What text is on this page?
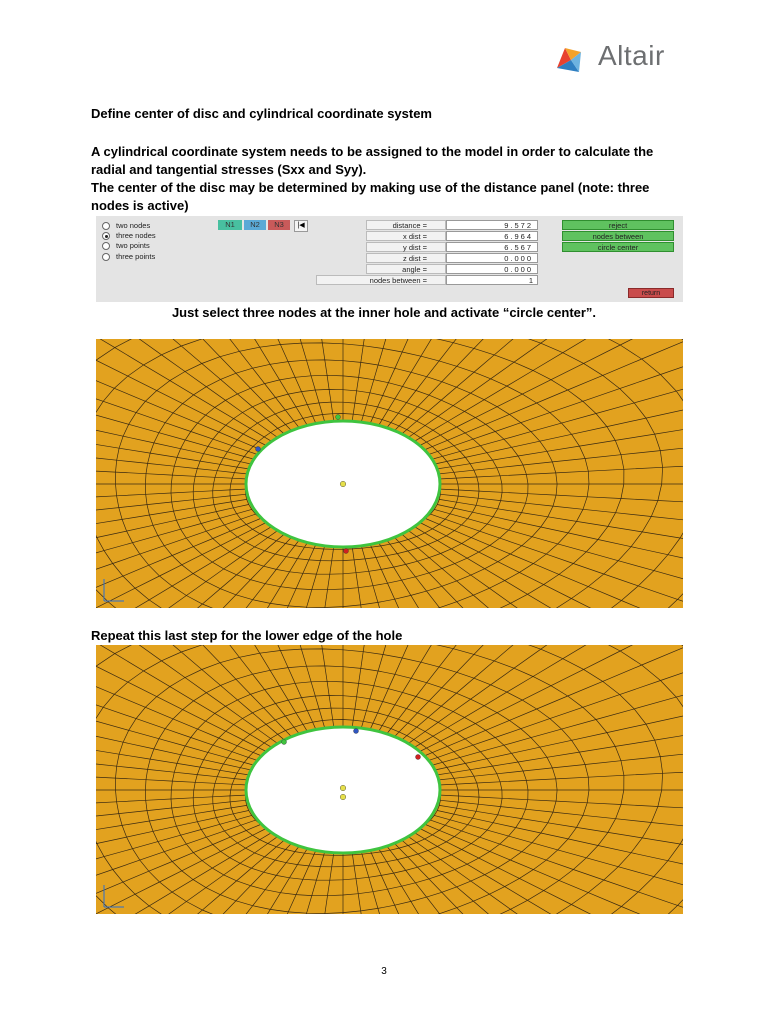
Altair
Define center of disc and cylindrical coordinate system
A cylindrical coordinate system needs to be assigned to the model in order to calculate the radial and tangential stresses (Sxx and Syy).
The center of the disc may be determined by making use of the distance panel (note: three nodes is active)
two nodes
three nodes
two points
three points
N1	N2	N3	|◀	distance =	9.572
x dist =	6.964
y dist =	6.567
z dist =	0.000
angle =	0.000
nodes between =	1
reject
nodes between
circle center
return
Just select three nodes at the inner hole and activate “circle center”.
Repeat this last step for the lower edge of the hole
3
